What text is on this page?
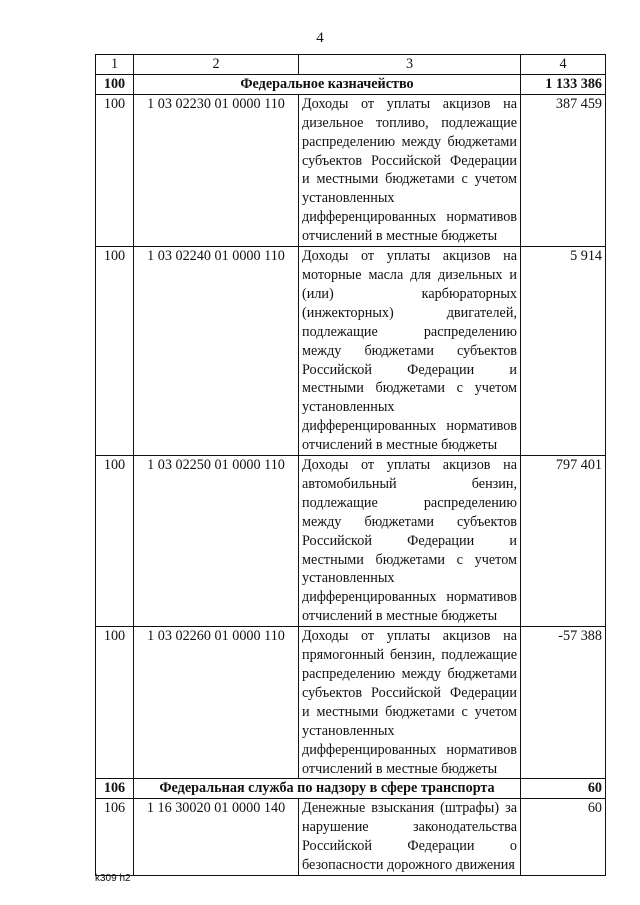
4
1	2	3	4
100	Федеральное казначейство		1 133 386
100	1 03 02230 01 0000 110	Доходы от уплаты акцизов на дизельное топливо, подлежащие распределению между бюджетами субъектов Российской Федерации и местными бюджетами с учетом установленных дифференцированных нормативов отчислений в местные бюджеты	387 459
100	1 03 02240 01 0000 110	Доходы от уплаты акцизов на моторные масла для дизельных и (или) карбюраторных (инжекторных) двигателей, подлежащие распределению между бюджетами субъектов Российской Федерации и местными бюджетами с учетом установленных дифференцированных нормативов отчислений в местные бюджеты	5 914
100	1 03 02250 01 0000 110	Доходы от уплаты акцизов на автомобильный бензин, подлежащие распределению между бюджетами субъектов Российской Федерации и местными бюджетами с учетом установленных дифференцированных нормативов отчислений в местные бюджеты	797 401
100	1 03 02260 01 0000 110	Доходы от уплаты акцизов на прямогонный бензин, подлежащие распределению между бюджетами субъектов Российской Федерации и местными бюджетами с учетом установленных дифференцированных нормативов отчислений в местные бюджеты	-57 388
106	Федеральная служба по надзору в сфере транспорта		60
106	1 16 30020 01 0000 140	Денежные взыскания (штрафы) за нарушение законодательства Российской Федерации о безопасности дорожного движения	60
k309 h2
